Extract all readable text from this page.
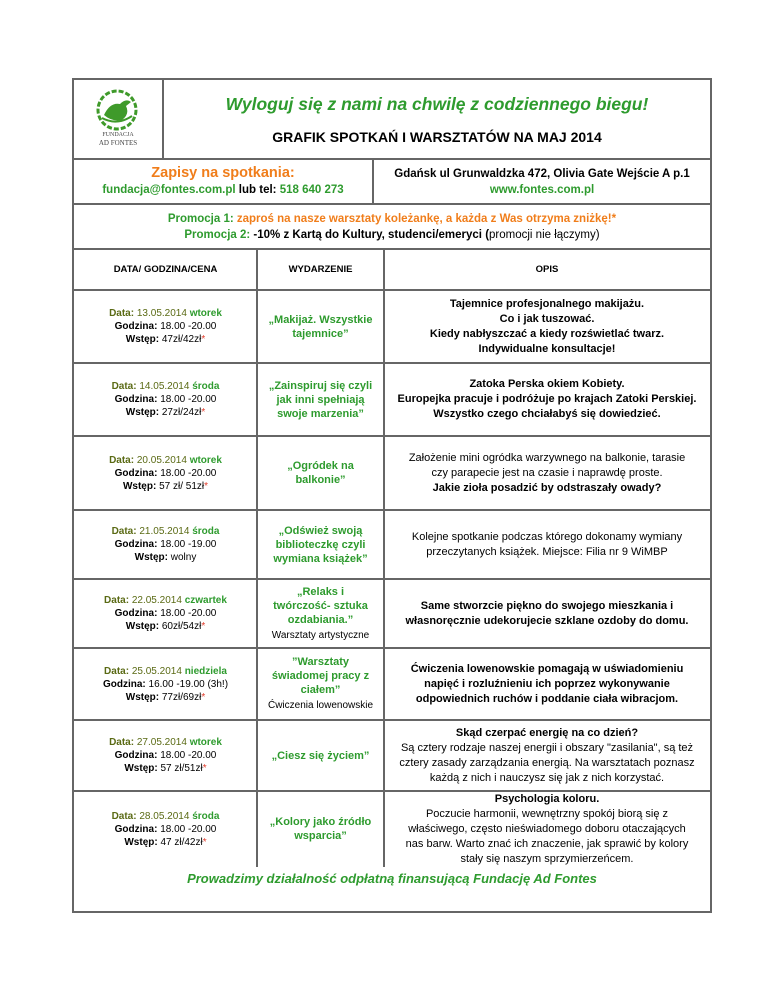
FUNDACJA
AD FONTES
Wyloguj się z nami na chwilę z codziennego biegu!
GRAFIK SPOTKAŃ I WARSZTATÓW NA MAJ 2014
Zapisy na spotkania:
fundacja@fontes.com.pl lub tel: 518 640 273
Gdańsk ul Grunwaldzka 472, Olivia Gate Wejście A p.1
www.fontes.com.pl
Promocja 1: zaproś na nasze warsztaty koleżankę, a każda z Was otrzyma zniżkę!*
Promocja 2: -10% z Kartą do Kultury, studenci/emeryci (promocji nie łączymy)
DATA/ GODZINA/CENA	WYDARZENIE	OPIS
Data: 13.05.2014 wtorek
Godzina: 18.00 -20.00
Wstęp: 47zł/42zł*
„Makijaż. Wszystkie tajemnice”
Tajemnice profesjonalnego makijażu.
Co i jak tuszować.
Kiedy nabłyszczać a kiedy rozświetlać twarz.
Indywidualne konsultacje!
Data: 14.05.2014 środa
Godzina: 18.00 -20.00
Wstęp: 27zł/24zł*
„Zainspiruj się czyli jak inni spełniają swoje marzenia”
Zatoka Perska okiem Kobiety.
Europejka pracuje i podróżuje po krajach Zatoki Perskiej.
Wszystko czego chciałabyś się dowiedzieć.
Data: 20.05.2014 wtorek
Godzina: 18.00 -20.00
Wstęp: 57 zł/ 51zł*
„Ogródek na balkonie”
Założenie mini ogródka warzywnego na balkonie, tarasie
czy parapecie jest na czasie i naprawdę proste.
Jakie zioła posadzić by odstraszały owady?
Data: 21.05.2014 środa
Godzina: 18.00 -19.00
Wstęp: wolny
„Odśwież swoją biblioteczkę czyli wymiana książek”
Kolejne spotkanie podczas którego dokonamy wymiany
przeczytanych książek. Miejsce: Filia nr 9 WiMBP
Data: 22.05.2014 czwartek
Godzina: 18.00 -20.00
Wstęp: 60zł/54zł*
„Relaks i twórczość- sztuka ozdabiania.”
Warsztaty artystyczne
Same stworzcie piękno do swojego mieszkania i
własnoręcznie udekorujecie szklane ozdoby do domu.
Data: 25.05.2014 niedziela
Godzina: 16.00 -19.00 (3h!)
Wstęp: 77zł/69zł*
”Warsztaty świadomej pracy z ciałem”
Ćwiczenia lowenowskie
Ćwiczenia lowenowskie pomagają w uświadomieniu
napięć i rozluźnieniu ich poprzez wykonywanie
odpowiednich ruchów i poddanie ciała wibracjom.
Data: 27.05.2014 wtorek
Godzina: 18.00 -20.00
Wstęp: 57 zł/51zł*
„Ciesz się życiem”
Skąd czerpać energię na co dzień?
Są cztery rodzaje naszej energii i obszary "zasilania", są też
cztery zasady zarządzania energią. Na warsztatach poznasz
każdą z nich i nauczysz się jak z nich korzystać.
Data: 28.05.2014 środa
Godzina: 18.00 -20.00
Wstęp: 47 zł/42zł*
„Kolory jako źródło wsparcia”
Psychologia koloru.
Poczucie harmonii, wewnętrzny spokój biorą się z
właściwego, często nieświadomego doboru otaczających
nas barw. Warto znać ich znaczenie, jak sprawić by kolory
stały się naszym sprzymierzeńcem.
Prowadzimy działalność odpłatną finansującą Fundację Ad Fontes
